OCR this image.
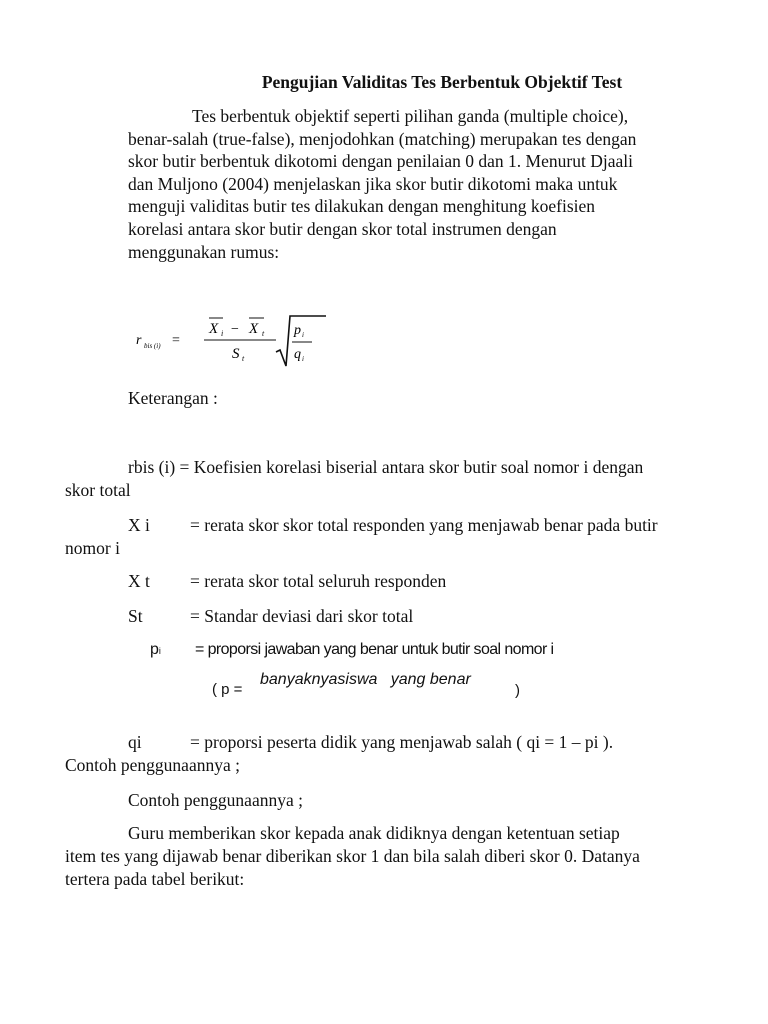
Pengujian Validitas Tes Berbentuk Objektif Test
Tes berbentuk objektif seperti pilihan ganda (multiple choice),
benar-salah (true-false), menjodohkan (matching) merupakan tes dengan
skor butir berbentuk dikotomi dengan penilaian 0 dan 1. Menurut Djaali
dan Muljono (2004) menjelaskan jika skor butir dikotomi maka untuk
menguji validitas butir tes dilakukan dengan menghitung koefisien
korelasi antara skor butir dengan skor total instrumen dengan
menggunakan rumus:
r bis (i) =
X i − X t
S t
p i
q i
Keterangan :
rbis (i) = Koefisien korelasi biserial antara skor butir soal nomor i dengan
skor total
X i = rerata skor skor total responden yang menjawab benar pada butir
nomor i
X t = rerata skor total seluruh responden
St	= Standar deviasi dari skor total
pi = proporsi jawaban yang benar untuk butir soal nomor i
( p =
banyaknyasiswa   yang benar
)
qi	= proporsi peserta didik yang menjawab salah ( qi = 1 – pi ).
Contoh penggunaannya ;
Contoh penggunaannya ;
Guru memberikan skor kepada anak didiknya dengan ketentuan setiap
item tes yang dijawab benar diberikan skor 1 dan bila salah diberi skor 0. Datanya
tertera pada tabel berikut:
